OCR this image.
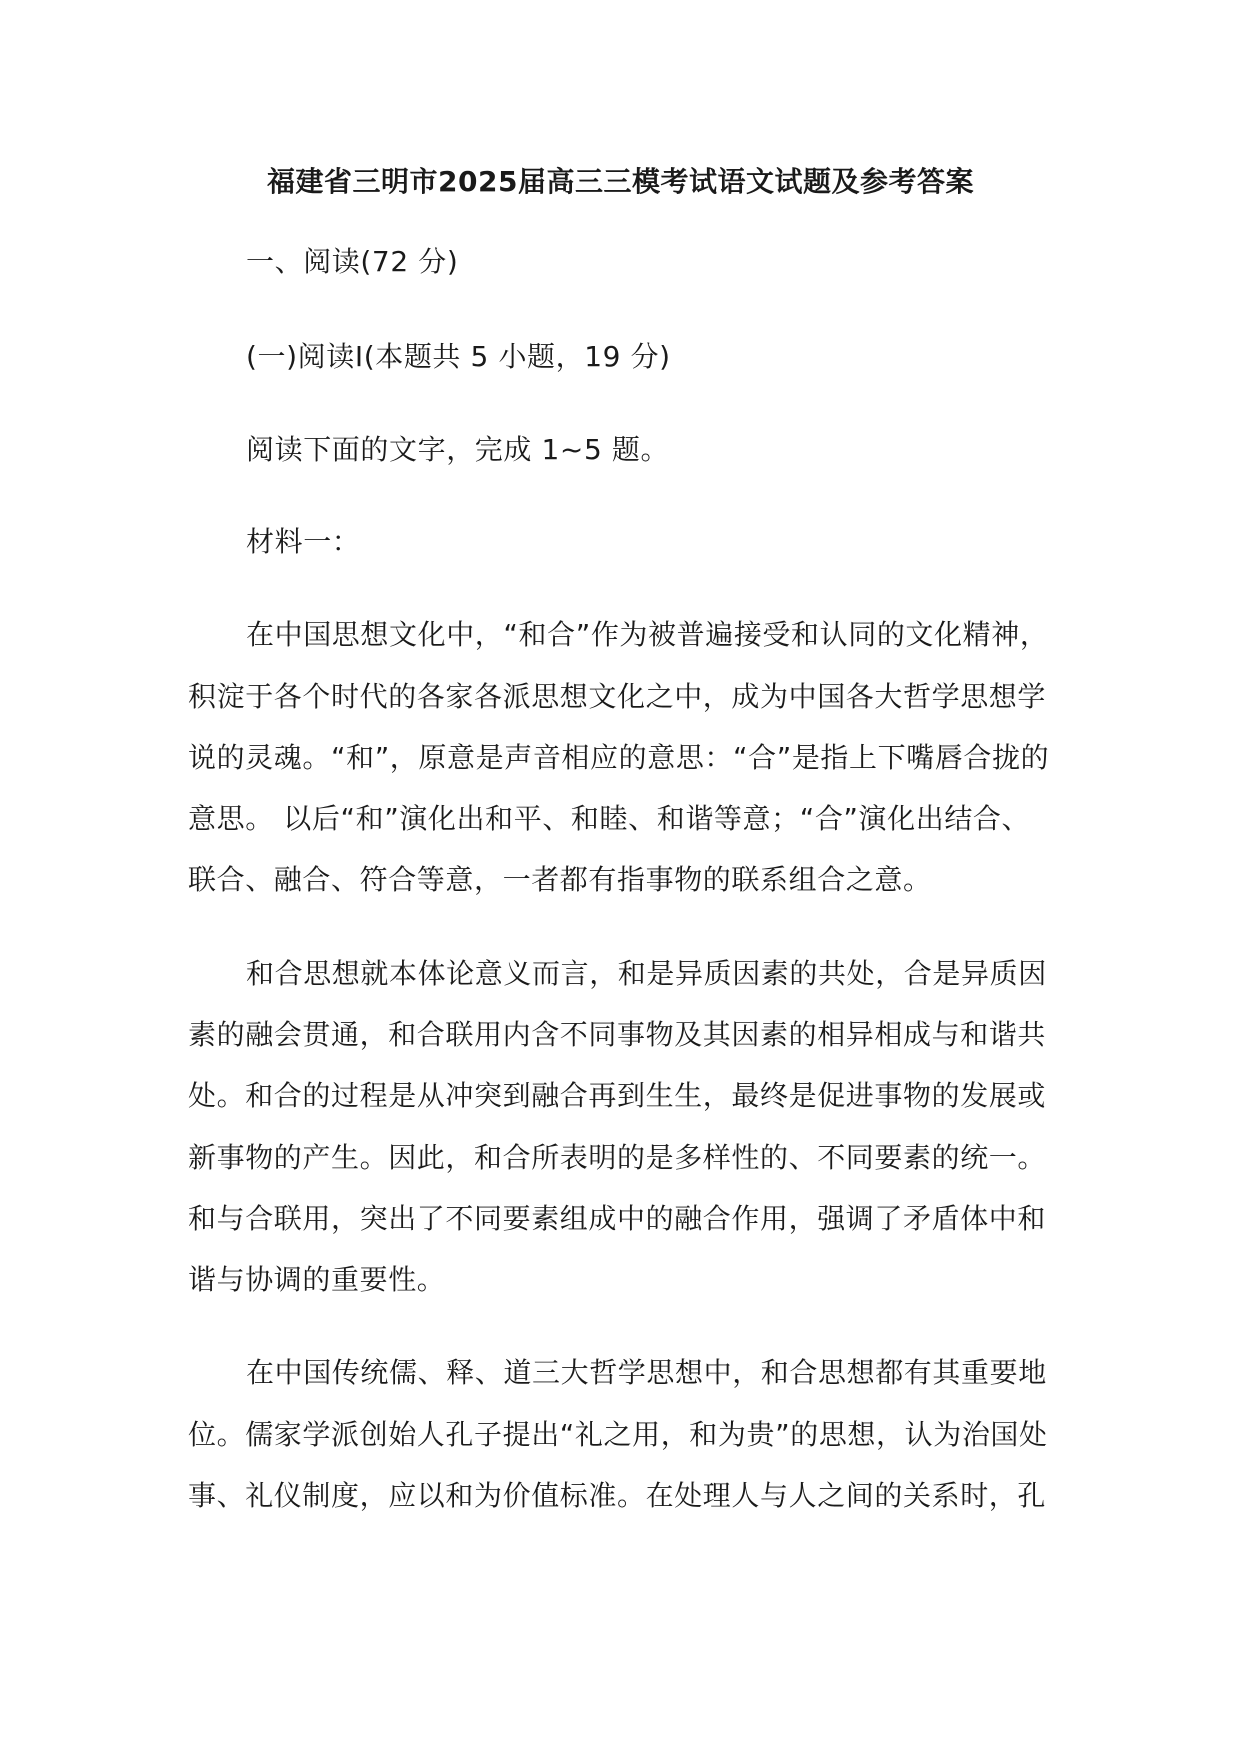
福建省三明市2025届高三三模考试语文试题及参考答案
一、阅读(72 分)
(一)阅读Ⅰ(本题共 5 小题，19 分)
阅读下面的文字，完成 1~5 题。
材料一：
在中国思想文化中，“和合”作为被普遍接受和认同的文化精神，
积淀于各个时代的各家各派思想文化之中，成为中国各大哲学思想学
说的灵魂。“和”，原意是声音相应的意思：“合”是指上下嘴唇合拢的
意思。 以后“和”演化出和平、和睦、和谐等意；“合”演化出结合、
联合、融合、符合等意，一者都有指事物的联系组合之意。
和合思想就本体论意义而言，和是异质因素的共处，合是异质因
素的融会贯通，和合联用内含不同事物及其因素的相异相成与和谐共
处。和合的过程是从冲突到融合再到生生，最终是促进事物的发展或
新事物的产生。因此，和合所表明的是多样性的、不同要素的统一。
和与合联用，突出了不同要素组成中的融合作用，强调了矛盾体中和
谐与协调的重要性。
在中国传统儒、释、道三大哲学思想中，和合思想都有其重要地
位。儒家学派创始人孔子提出“礼之用，和为贵”的思想，认为治国处
事、礼仪制度，应以和为价值标准。在处理人与人之间的关系时，孔
